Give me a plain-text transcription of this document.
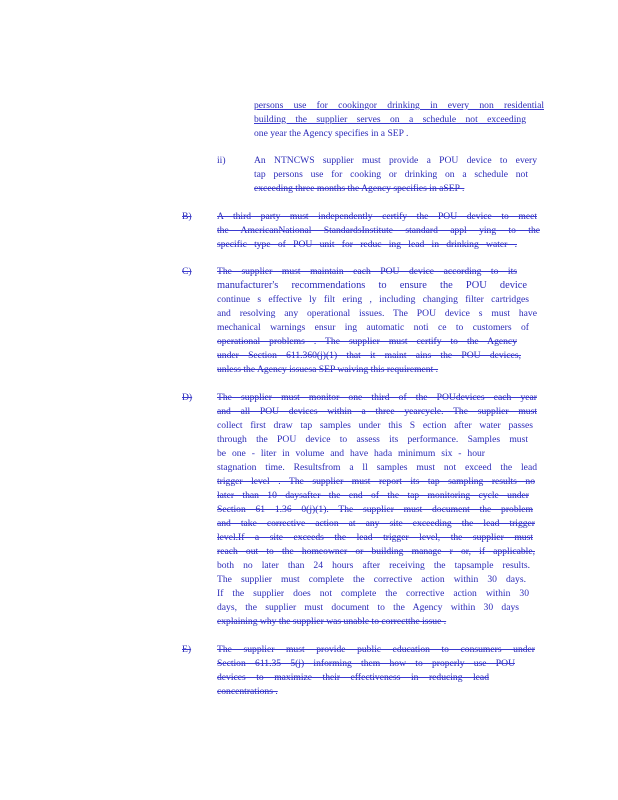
persons use for cookingor drinking in every non residential
building the supplier serves on a schedule not exceeding
one year the Agency specifies in a SEP .
ii)	An NTNCWS supplier must provide a POU device to every
tap persons use for cooking or drinking on a schedule not
exceeding three months the Agency specifies in aSEP .
B)	A third party must independently certify the POU device to meet
the AmericanNational StandardsInstitute standard appl ying to the
specific type of POU unit for reduc ing lead in drinking water .
C)	The supplier must maintain each POU device according to its
manufacturer's recommendations to ensure the POU device
continue s effective ly filt ering , including changing filter cartridges
and resolving any operational issues. The POU device s must have
mechanical warnings ensur ing automatic noti ce to customers of
operational problems . The supplier must certify to the Agency
under Section 611.360(j)(1) that it maint ains the POU devices,
unless the Agency issuesa SEP waiving this requirement .
D)	The supplier must monitor one third of the POUdevices each year
and all POU devices within a three yearcycle. The supplier must
collect first draw tap samples under this S ection after water passes
through the POU device to assess its performance. Samples must
be one - liter in volume and have hada minimum six - hour
stagnation time. Resultsfrom a ll samples must not exceed the lead
trigger level . The supplier must report its tap sampling results no
later than 10 daysafter the end of the tap monitoring cycle under
Section 61 1.36 0(j)(1). The supplier must document the problem
and take corrective action at any site exceeding the lead trigger
level.If a site exceeds the lead trigger level, the supplier must
reach out to the homeowner or building manage r or, if applicable,
both no later than 24 hours after receiving the tapsample results.
The supplier must complete the corrective action within 30 days.
If the supplier does not complete the corrective action within 30
days, the supplier must document to the Agency within 30 days
explaining why the supplier was unable to correctthe issue .
E)	The supplier must provide public education to consumers under
Section 611.35 5(j) informing them how to properly use POU
devices to maximize their effectiveness in reducing lead
concentrations .
